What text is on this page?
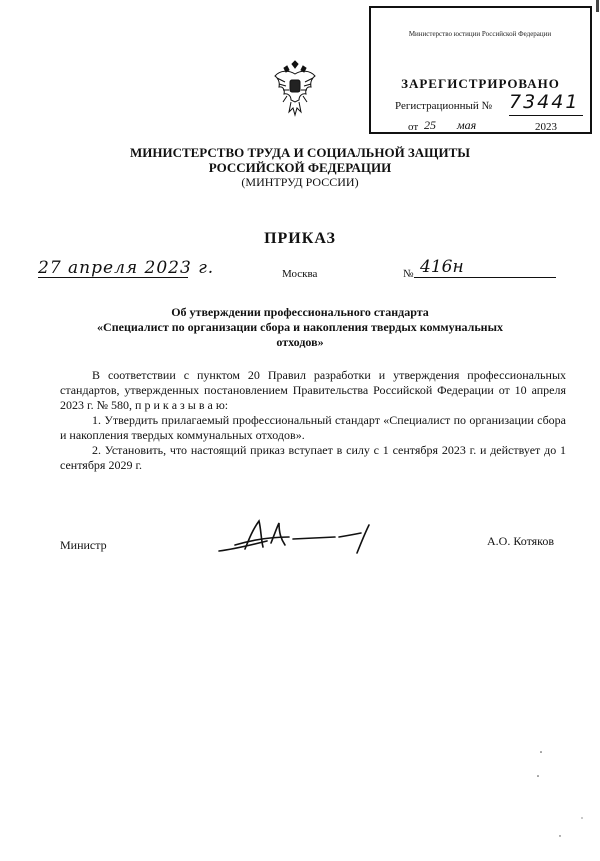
Министерство юстиции Российской Федерации
ЗАРЕГИСТРИРОВАНО
Регистрационный № 73441
от 25 мая	2023
МИНИСТЕРСТВО ТРУДА И СОЦИАЛЬНОЙ ЗАЩИТЫ
РОССИЙСКОЙ ФЕДЕРАЦИИ
(МИНТРУД РОССИИ)
ПРИКАЗ
27 апреля 2023 г.	Москва	№ 416н
Об утверждении профессионального стандарта
«Специалист по организации сбора и накопления твердых коммунальных
отходов»

В соответствии с пунктом 20 Правил разработки и утверждения профессиональных стандартов, утвержденных постановлением Правительства Российской Федерации от 10 апреля 2023 г. № 580, п р и к а з ы в а ю:

1. Утвердить прилагаемый профессиональный стандарт «Специалист по организации сбора и накопления твердых коммунальных отходов».

2. Установить, что настоящий приказ вступает в силу с 1 сентября 2023 г. и действует до 1 сентября 2029 г.

Министр	А.О. Котяков
